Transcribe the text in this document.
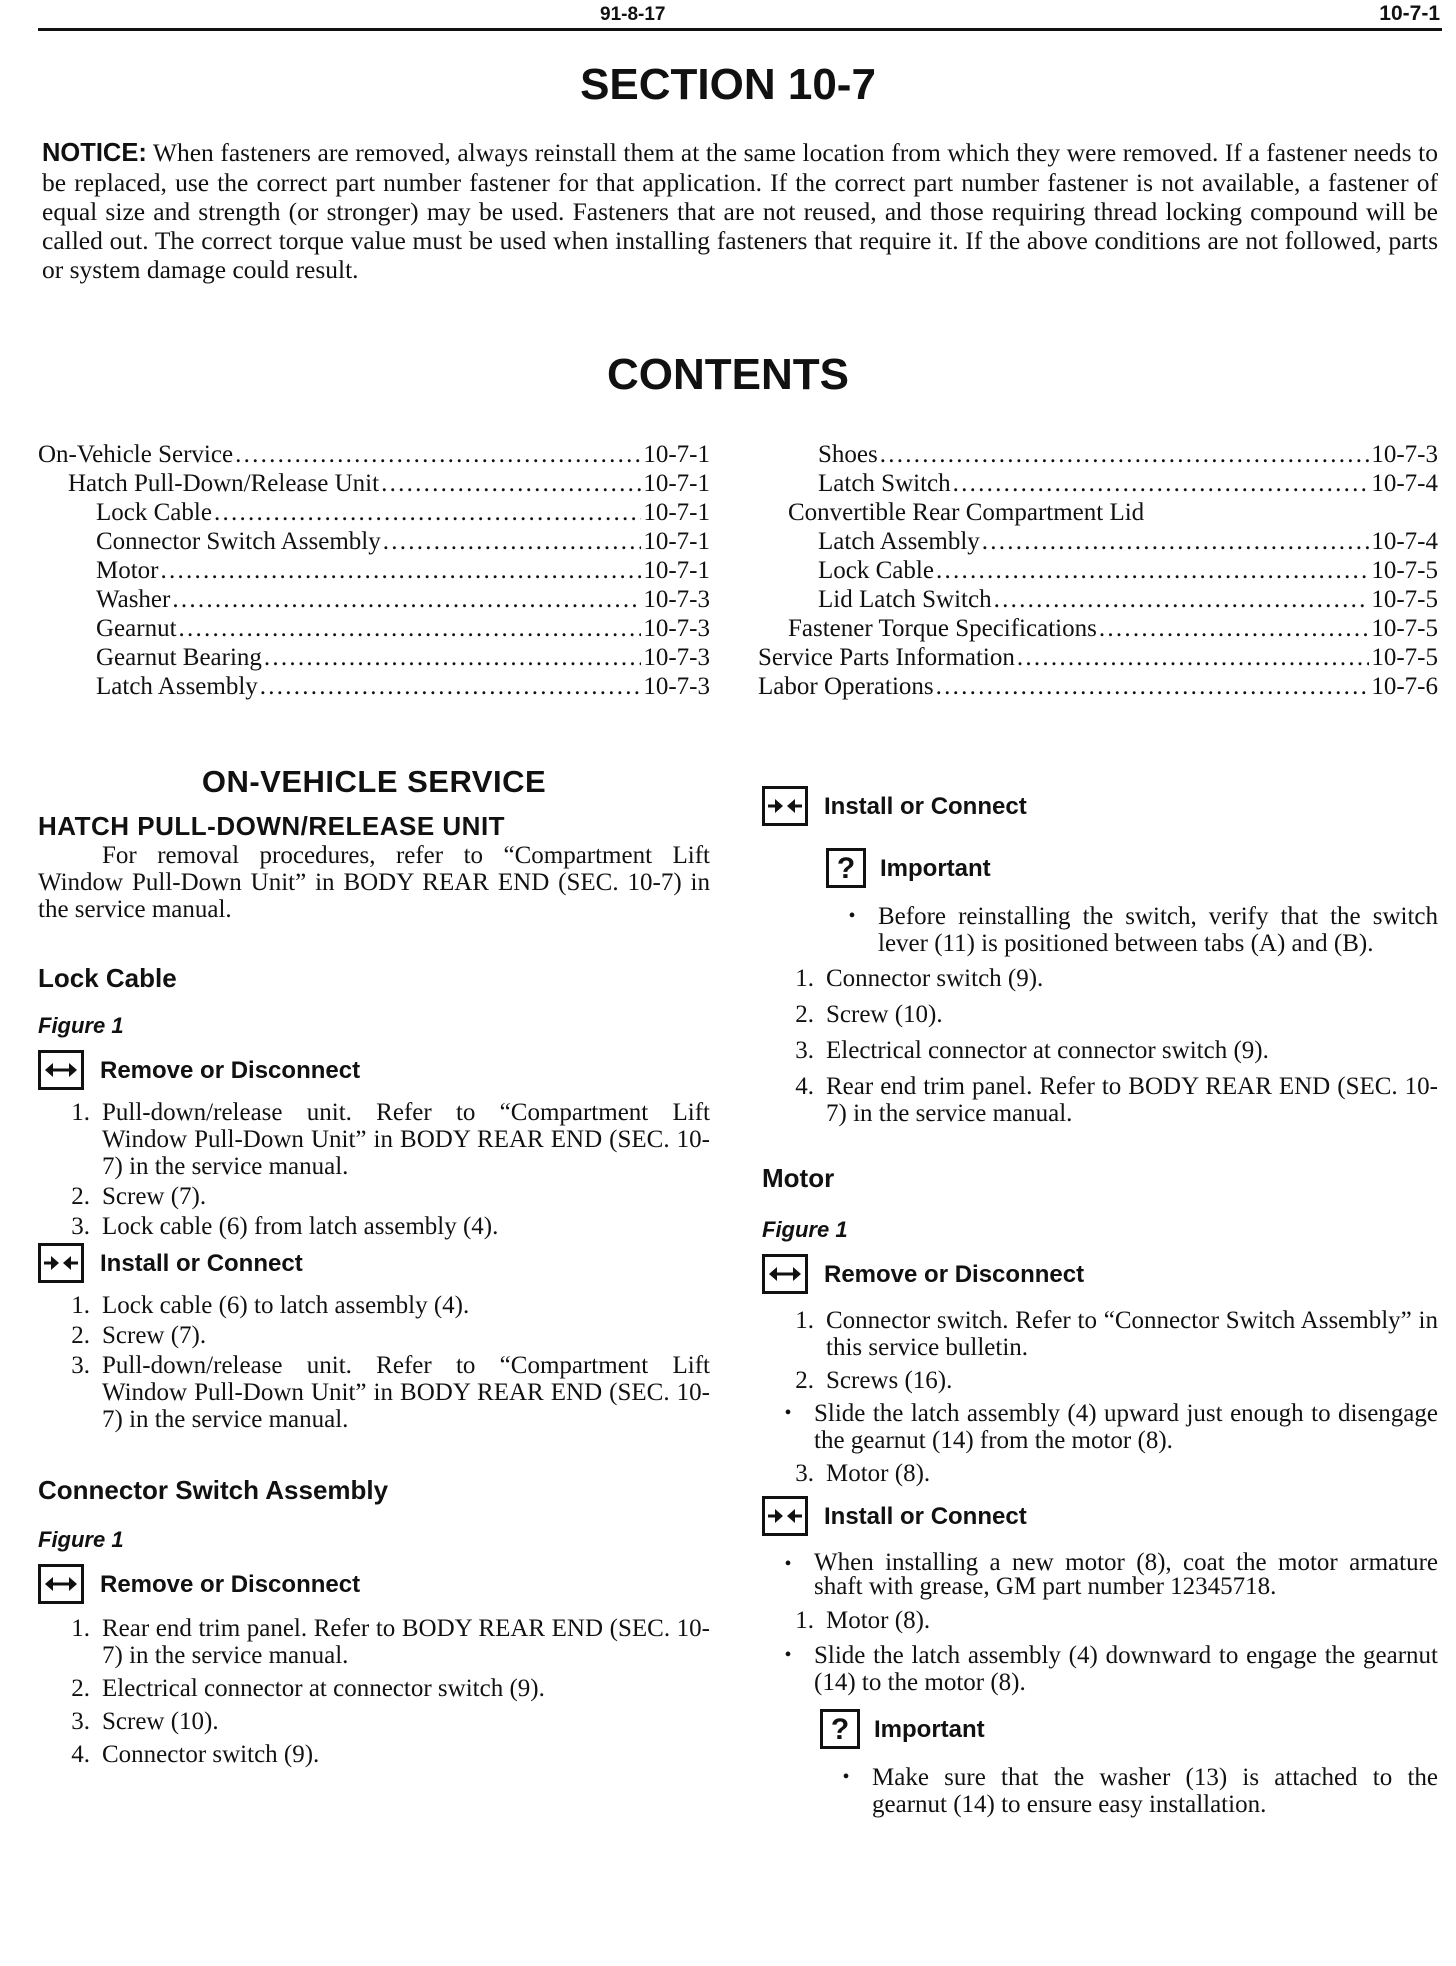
91-8-17	10-7-1
SECTION 10-7
NOTICE: When fasteners are removed, always reinstall them at the same location from which they were removed. If a fastener needs to be replaced, use the correct part number fastener for that application. If the correct part number fastener is not available, a fastener of equal size and strength (or stronger) may be used. Fasteners that are not reused, and those requiring thread locking compound will be called out. The correct torque value must be used when installing fasteners that require it. If the above conditions are not followed, parts or system damage could result.
CONTENTS
On-Vehicle Service . . .	10-7-1
Hatch Pull-Down/Release Unit . . .	10-7-1
Lock Cable . . .	10-7-1
Connector Switch Assembly . . .	10-7-1
Motor . . .	10-7-1
Washer . . .	10-7-3
Gearnut . . .	10-7-3
Gearnut Bearing . . .	10-7-3
Latch Assembly . . .	10-7-3
Shoes . . .	10-7-3
Latch Switch . . .	10-7-4
Convertible Rear Compartment Lid
Latch Assembly . . .	10-7-4
Lock Cable . . .	10-7-5
Lid Latch Switch . . .	10-7-5
Fastener Torque Specifications . . .	10-7-5
Service Parts Information . . .	10-7-5
Labor Operations . . .	10-7-6
ON-VEHICLE SERVICE
HATCH PULL-DOWN/RELEASE UNIT
For removal procedures, refer to “Compartment Lift Window Pull-Down Unit” in BODY REAR END (SEC. 10-7) in the service manual.
Lock Cable
Figure 1
Remove or Disconnect
1. Pull-down/release unit. Refer to “Compartment Lift Window Pull-Down Unit” in BODY REAR END (SEC. 10-7) in the service manual.
2. Screw (7).
3. Lock cable (6) from latch assembly (4).
Install or Connect
1. Lock cable (6) to latch assembly (4).
2. Screw (7).
3. Pull-down/release unit. Refer to “Compartment Lift Window Pull-Down Unit” in BODY REAR END (SEC. 10-7) in the service manual.
Connector Switch Assembly
Figure 1
Remove or Disconnect
1. Rear end trim panel. Refer to BODY REAR END (SEC. 10-7) in the service manual.
2. Electrical connector at connector switch (9).
3. Screw (10).
4. Connector switch (9).
Install or Connect
?	Important
• Before reinstalling the switch, verify that the switch lever (11) is positioned between tabs (A) and (B).
1. Connector switch (9).
2. Screw (10).
3. Electrical connector at connector switch (9).
4. Rear end trim panel. Refer to BODY REAR END (SEC. 10-7) in the service manual.
Motor
Figure 1
Remove or Disconnect
1. Connector switch. Refer to “Connector Switch Assembly” in this service bulletin.
2. Screws (16).
• Slide the latch assembly (4) upward just enough to disengage the gearnut (14) from the motor (8).
3. Motor (8).
Install or Connect
• When installing a new motor (8), coat the motor armature shaft with grease, GM part number 12345718.
1. Motor (8).
• Slide the latch assembly (4) downward to engage the gearnut (14) to the motor (8).
?	Important
• Make sure that the washer (13) is attached to the gearnut (14) to ensure easy installation.
